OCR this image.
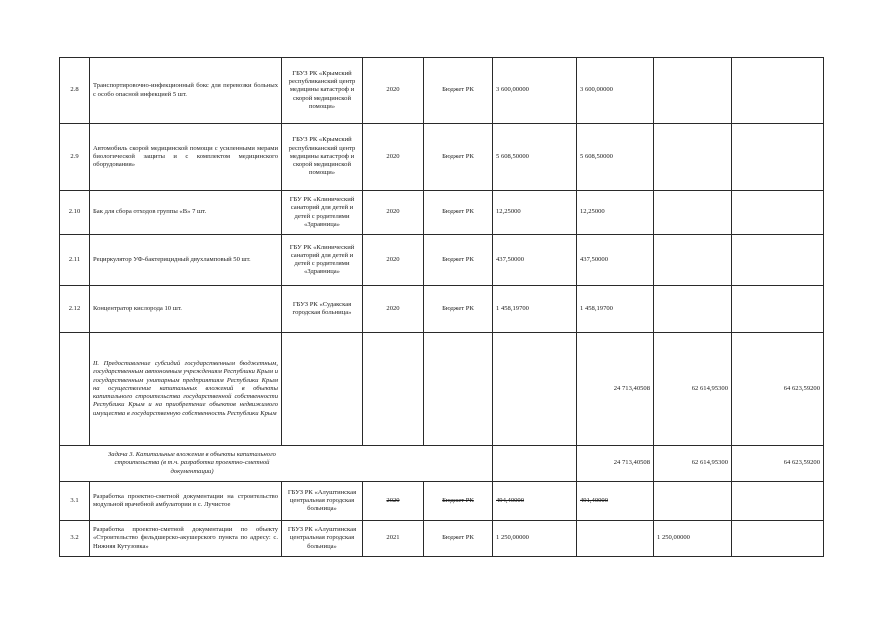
2.8	Транспортировочно-инфекционный бокс для перевозки больных с особо опасной инфекцией 5 шт.	ГБУЗ РК «Крымский республиканский центр медицины катастроф и скорой медицинской помощи»	2020	Бюджет РК	3 600,00000	3 600,00000		
2.9	Автомобиль скорой медицинской помощи с усиленными мерами биологической защиты и с комплектом медицинского оборудования»	ГБУЗ РК «Крымский республиканский центр медицины катастроф и скорой медицинской помощи»	2020	Бюджет РК	5 608,50000	5 608,50000		
2.10	Бак для сбора отходов группы «В» 7 шт.	ГБУ РК «Клинический санаторий для детей и детей с родителями «Здравница»	2020	Бюджет РК	12,25000	12,25000		
2.11	Рециркулятор УФ-бактерицидный двухламповый 50 шт.	ГБУ РК «Клинический санаторий для детей и детей с родителями «Здравница»	2020	Бюджет РК	437,50000	437,50000		
2.12	Концентратор кислорода 10 шт.	ГБУЗ РК «Судакская городская больница»	2020	Бюджет РК	1 458,19700	1 458,19700		
	II. Предоставление субсидий государственным бюджетным, государственным автономным учреждениям Республики Крым и государственным унитарным предприятиям Республики Крым на осуществление капитальных вложений в объекты капитального строительства государственной собственности Республики Крым и на приобретение объектов недвижимого имущества в государственную собственность Республики Крым					24 713,40508	62 614,95300	64 623,59200

Задача 3. Капитальные вложения в объекты капитального строительства (в т.ч. разработка проектно-сметной документации)						24 713,40508	62 614,95300	64 623,59200
3.1	Разработка проектно-сметной документации на строительство модульной врачебной амбулатории в с. Лучистое	ГБУЗ РК «Алуштинская центральная городская больница»	2020	Бюджет РК	494,40000	491,40000		
3.2	Разработка проектно-сметной документации по объекту «Строительство фельдшерско-акушерского пункта по адресу: с. Нижняя Кутузовка»	ГБУЗ РК «Алуштинская центральная городская больница»	2021	Бюджет РК	1 250,00000		1 250,00000	
